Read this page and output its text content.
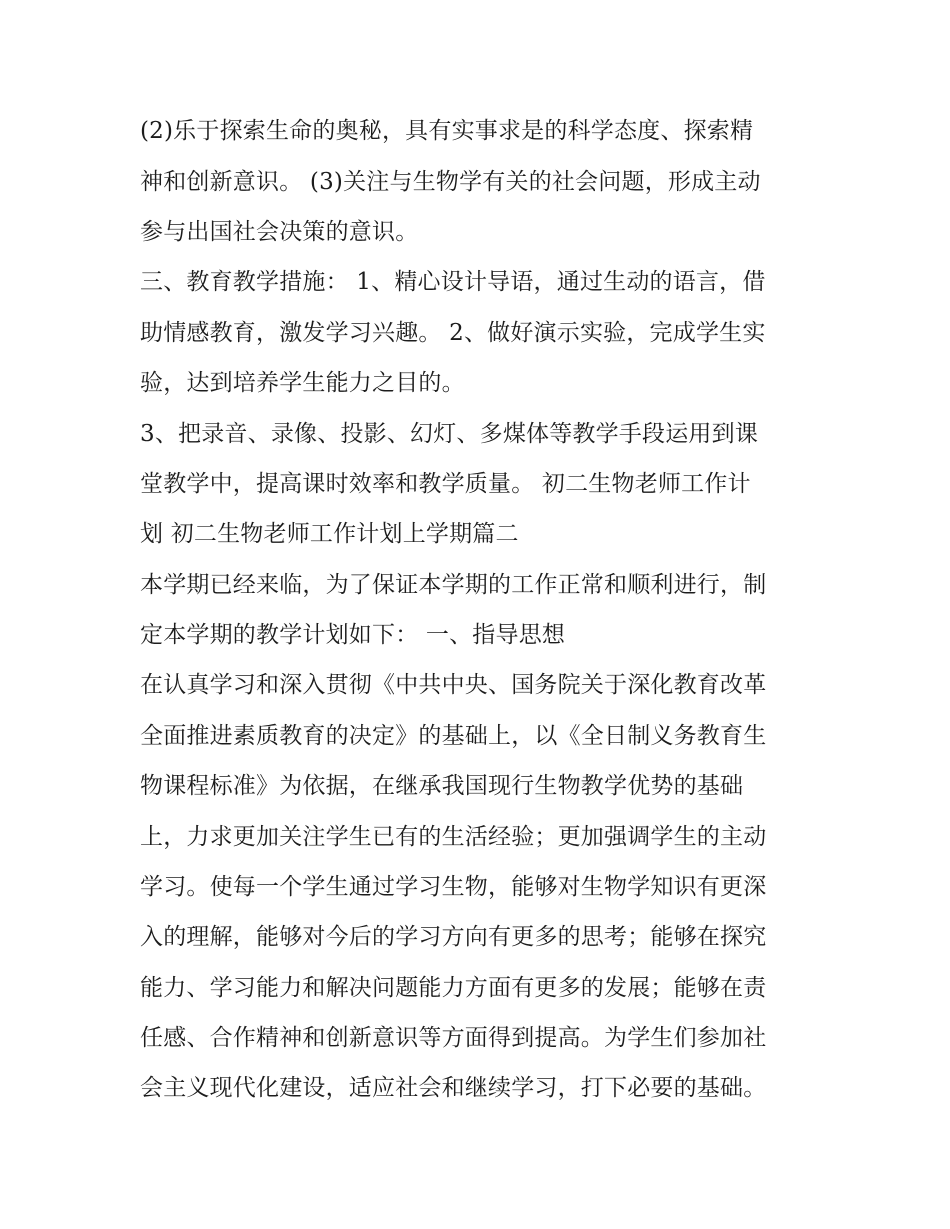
(2)乐于探索生命的奥秘，具有实事求是的科学态度、探索精
神和创新意识。 (3)关注与生物学有关的社会问题，形成主动
参与出国社会决策的意识。
三、教育教学措施： 1、精心设计导语，通过生动的语言，借
助情感教育，激发学习兴趣。 2、做好演示实验，完成学生实
验，达到培养学生能力之目的。
3、把录音、录像、投影、幻灯、多煤体等教学手段运用到课
堂教学中，提高课时效率和教学质量。 初二生物老师工作计
划 初二生物老师工作计划上学期篇二
本学期已经来临，为了保证本学期的工作正常和顺利进行，制
定本学期的教学计划如下： 一、指导思想
在认真学习和深入贯彻《中共中央、国务院关于深化教育改革
全面推进素质教育的决定》的基础上，以《全日制义务教育生
物课程标准》为依据，在继承我国现行生物教学优势的基础
上，力求更加关注学生已有的生活经验；更加强调学生的主动
学习。使每一个学生通过学习生物，能够对生物学知识有更深
入的理解，能够对今后的学习方向有更多的思考；能够在探究
能力、学习能力和解决问题能力方面有更多的发展；能够在责
任感、合作精神和创新意识等方面得到提高。为学生们参加社
会主义现代化建设，适应社会和继续学习，打下必要的基础。
